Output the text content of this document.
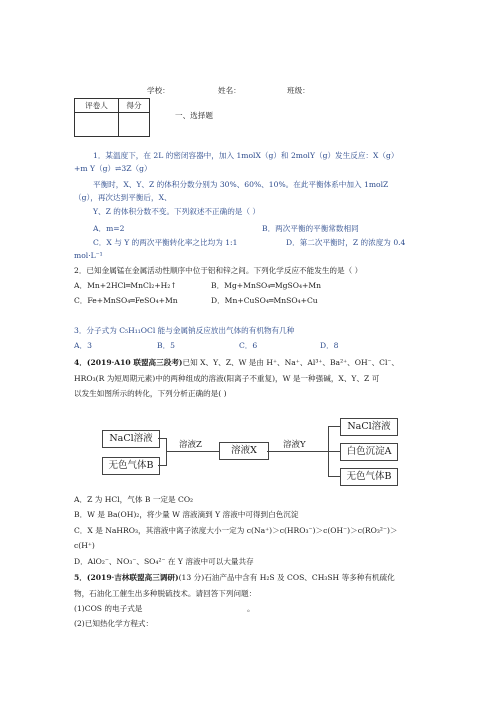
学校：	姓名：	班级：
评卷人	得分

一、选择题
1．某温度下，在 2L 的密闭容器中，加入 1molX（g）和 2molY（g）发生反应：X（g）
+m Y（g）⇌3Z（g）
平衡时，X、Y、Z 的体积分数分别为 30%、60%、10%。在此平衡体系中加入 1molZ
（g），再次达到平衡后，X、
Y、Z 的体积分数不变。下列叙述不正确的是（ ）
A．m=2	B．两次平衡的平衡常数相同
C．X 与 Y 的两次平衡转化率之比均为 1:1	D．第二次平衡时，Z 的浓度为 0.4
mol·L⁻¹
2．已知金属锰在金属活动性顺序中位于铝和锌之间。下列化学反应不能发生的是（ ）
A．Mn+2HCl═MnCl₂+H₂↑	B．Mg+MnSO₄═MgSO₄+Mn
C．Fe+MnSO₄═FeSO₄+Mn	D．Mn+CuSO₄═MnSO₄+Cu
3．分子式为 C₅H₁₁OCl 能与金属钠反应放出气体的有机物有几种
A．3	B．5	C．6	D．8
4．(2019·A10 联盟高三段考)已知 X、Y、Z、W 是由 H⁺、Na⁺、Al³⁺、Ba²⁺、OH⁻、Cl⁻、
HRO₃(R 为短周期元素)中的两种组成的溶液(阳离子不重复)，W 是一种强碱，X、Y、Z 可
以发生如图所示的转化，下列分析正确的是( )
NaCl溶液
无色气体B
溶液Z	溶液X	溶液Y
NaCl溶液
白色沉淀A
无色气体B
A．Z 为 HCl，气体 B 一定是 CO₂
B．W 是 Ba(OH)₂，将少量 W 溶液滴到 Y 溶液中可得到白色沉淀
C．X 是 NaHRO₃，其溶液中离子浓度大小一定为 c(Na⁺)＞c(HRO₃⁻)＞c(OH⁻)＞c(RO₃²⁻)＞
c(H⁺)
D．AlO₂⁻、NO₃⁻、SO₄²⁻ 在 Y 溶液中可以大量共存
5．(2019·吉林联盟高三调研)(13 分)石油产品中含有 H₂S 及 COS、CH₃SH 等多种有机硫化
物，石油化工催生出多种脱硫技术。请回答下列问题：
(1)COS 的电子式是	。
(2)已知热化学方程式：
